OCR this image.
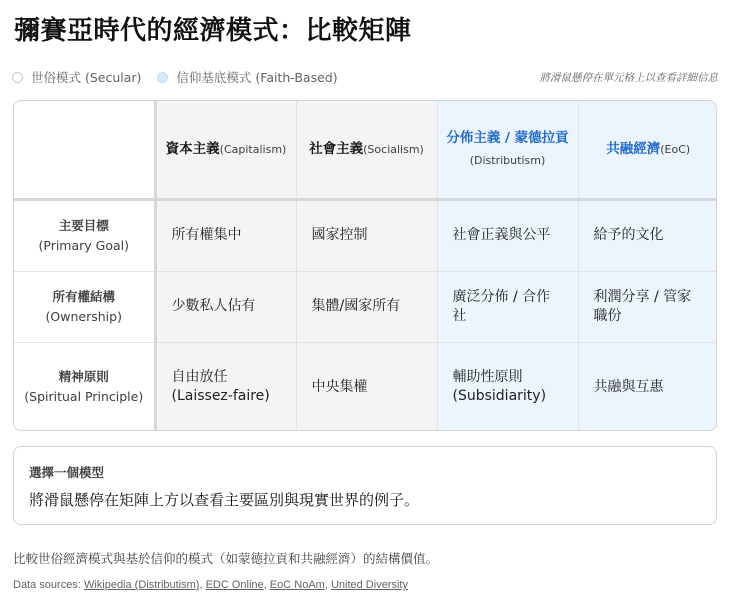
彌賽亞時代的經濟模式：比較矩陣
世俗模式 (Secular)	信仰基底模式 (Faith-Based)	將滑鼠懸停在單元格上以查看詳細信息
	資本主義(Capitalism)	社會主義(Socialism)	分佈主義 / 蒙德拉貢(Distributism)	共融經濟(EoC)

主要目標
(Primary Goal)	所有權集中	國家控制	社會正義與公平	給予的文化

所有權結構
(Ownership)	少數私人佔有	集體/國家所有	廣泛分佈 / 合作社	利潤分享 / 管家職份

精神原則
(Spiritual Principle)	自由放任 (Laissez-faire)	中央集權	輔助性原則 (Subsidiarity)	共融與互惠
選擇一個模型
將滑鼠懸停在矩陣上方以查看主要區別與現實世界的例子。
比較世俗經濟模式與基於信仰的模式（如蒙德拉貢和共融經濟）的結構價值。
Data sources: Wikipedia (Distributism), EDC Online, EoC NoAm, United Diversity
